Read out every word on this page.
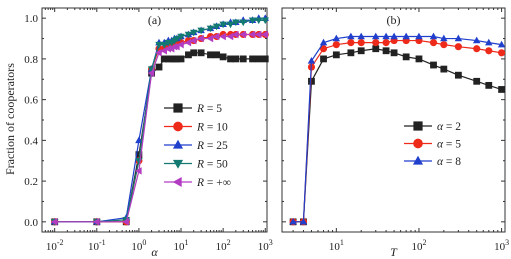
Fraction of cooperators
0.0
0.2
0.4
0.6
0.8
1.0
$10^{-2}$ $10^{-1}$ $10^0$ $10^1$ $10^2$ $10^3$
α
(a)
R = 5
R = 10
R = 25
R = 50
R = +∞
$10^1$	$10^2$	$10^3$
T
(b)
α = 2
α = 5
α = 8
